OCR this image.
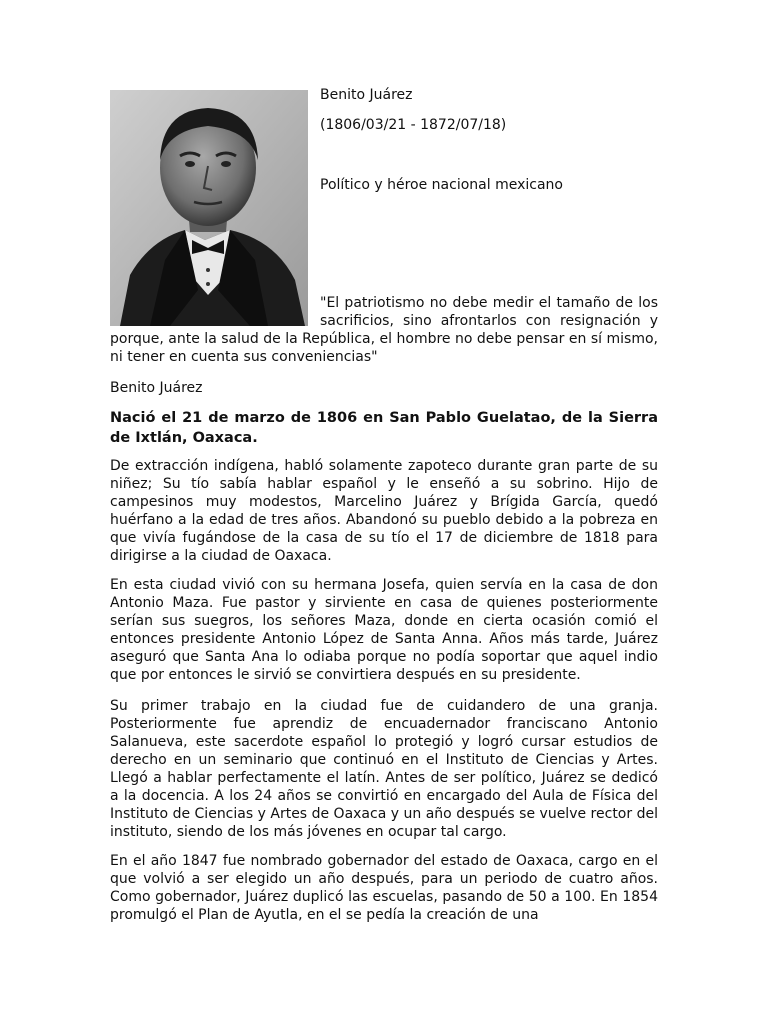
Benito Juárez
(1806/03/21 - 1872/07/18)
Político y héroe nacional mexicano
"El patriotismo no debe medir el tamaño de los
sacrificios, sino afrontarlos con resignación y
porque, ante la salud de la República, el hombre no debe pensar en sí mismo, ni tener en cuenta sus conveniencias"
Benito Juárez
Nació el 21 de marzo de 1806 en San Pablo Guelatao, de la Sierra de Ixtlán, Oaxaca.
De extracción indígena, habló solamente zapoteco durante gran parte de su niñez; Su tío sabía hablar español y le enseñó a su sobrino. Hijo de campesinos muy modestos, Marcelino Juárez y Brígida García, quedó huérfano a la edad de tres años. Abandonó su pueblo debido a la pobreza en que vivía fugándose de la casa de su tío el 17 de diciembre de 1818 para dirigirse a la ciudad de Oaxaca.
En esta ciudad vivió con su hermana Josefa, quien servía en la casa de don Antonio Maza. Fue pastor y sirviente en casa de quienes posteriormente serían sus suegros, los señores Maza, donde en cierta ocasión comió el entonces presidente Antonio López de Santa Anna. Años más tarde, Juárez aseguró que Santa Ana lo odiaba porque no podía soportar que aquel indio que por entonces le sirvió se convirtiera después en su presidente.
Su primer trabajo en la ciudad fue de cuidandero de una granja. Posteriormente fue aprendiz de encuadernador franciscano Antonio Salanueva, este sacerdote español lo protegió y logró cursar estudios de derecho en un seminario que continuó en el Instituto de Ciencias y Artes. Llegó a hablar perfectamente el latín. Antes de ser político, Juárez se dedicó a la docencia. A los 24 años se convirtió en encargado del Aula de Física del Instituto de Ciencias y Artes de Oaxaca y un año después se vuelve rector del instituto, siendo de los más jóvenes en ocupar tal cargo.
En el año 1847 fue nombrado gobernador del estado de Oaxaca, cargo en el que volvió a ser elegido un año después, para un periodo de cuatro años. Como gobernador, Juárez duplicó las escuelas, pasando de 50 a 100. En 1854 promulgó el Plan de Ayutla, en el se pedía la creación de una
